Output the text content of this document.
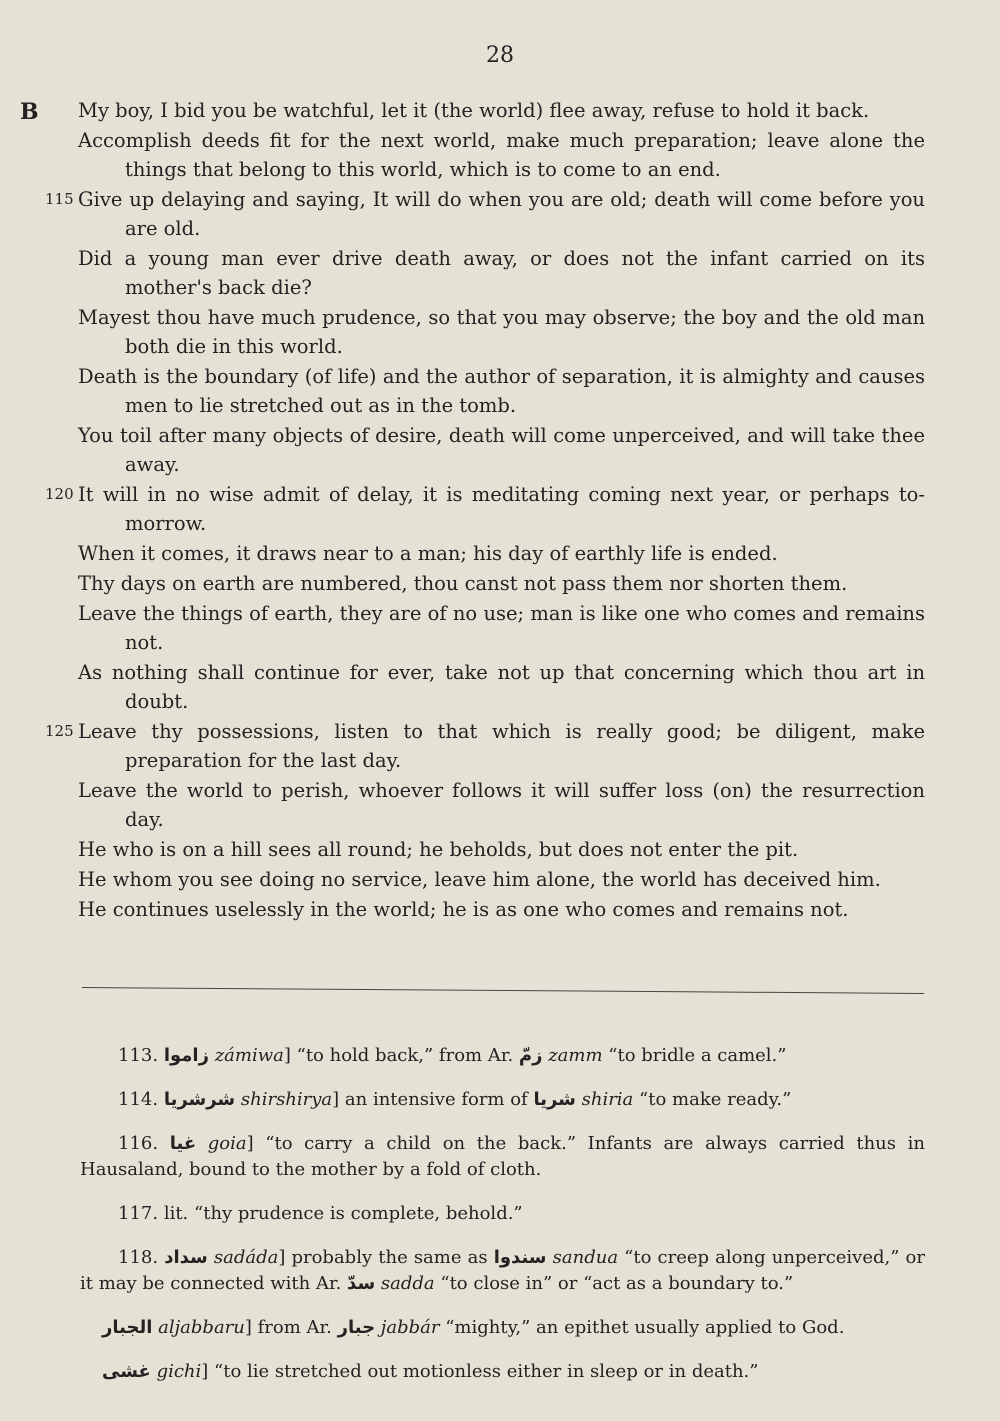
28
B	My boy, I bid you be watchful, let it (the world) flee away, refuse to hold it back.
Accomplish deeds fit for the next world, make much preparation; leave alone the things that belong to this world, which is to come to an end.
115 Give up delaying and saying, It will do when you are old; death will come before you are old.
Did a young man ever drive death away, or does not the infant carried on its mother's back die?
Mayest thou have much prudence, so that you may observe; the boy and the old man both die in this world.
Death is the boundary (of life) and the author of separation, it is almighty and causes men to lie stretched out as in the tomb.
You toil after many objects of desire, death will come unperceived, and will take thee away.
120 It will in no wise admit of delay, it is meditating coming next year, or perhaps to-morrow.
When it comes, it draws near to a man; his day of earthly life is ended.
Thy days on earth are numbered, thou canst not pass them nor shorten them.
Leave the things of earth, they are of no use; man is like one who comes and remains not.
As nothing shall continue for ever, take not up that concerning which thou art in doubt.
125 Leave thy possessions, listen to that which is really good; be diligent, make preparation for the last day.
Leave the world to perish, whoever follows it will suffer loss (on) the resurrection day.
He who is on a hill sees all round; he beholds, but does not enter the pit.
He whom you see doing no service, leave him alone, the world has deceived him.
He continues uselessly in the world; he is as one who comes and remains not.

113. زاموا zámiwa] “to hold back,” from Ar. زمّ zamm “to bridle a camel.”

114. شرشريا shirshirya] an intensive form of شريا shiria “to make ready.”

116. غيا goia] “to carry a child on the back.” Infants are always carried thus in Hausaland, bound to the mother by a fold of cloth.

117. lit. “thy prudence is complete, behold.”

118. سداد sadáda] probably the same as سندوا sandua “to creep along unperceived,” or it may be connected with Ar. سدّ sadda “to close in” or “act as a boundary to.”

الجبار aljabbaru] from Ar. جبار jabbár “mighty,” an epithet usually applied to God.

غشى gichi] “to lie stretched out motionless either in sleep or in death.”
